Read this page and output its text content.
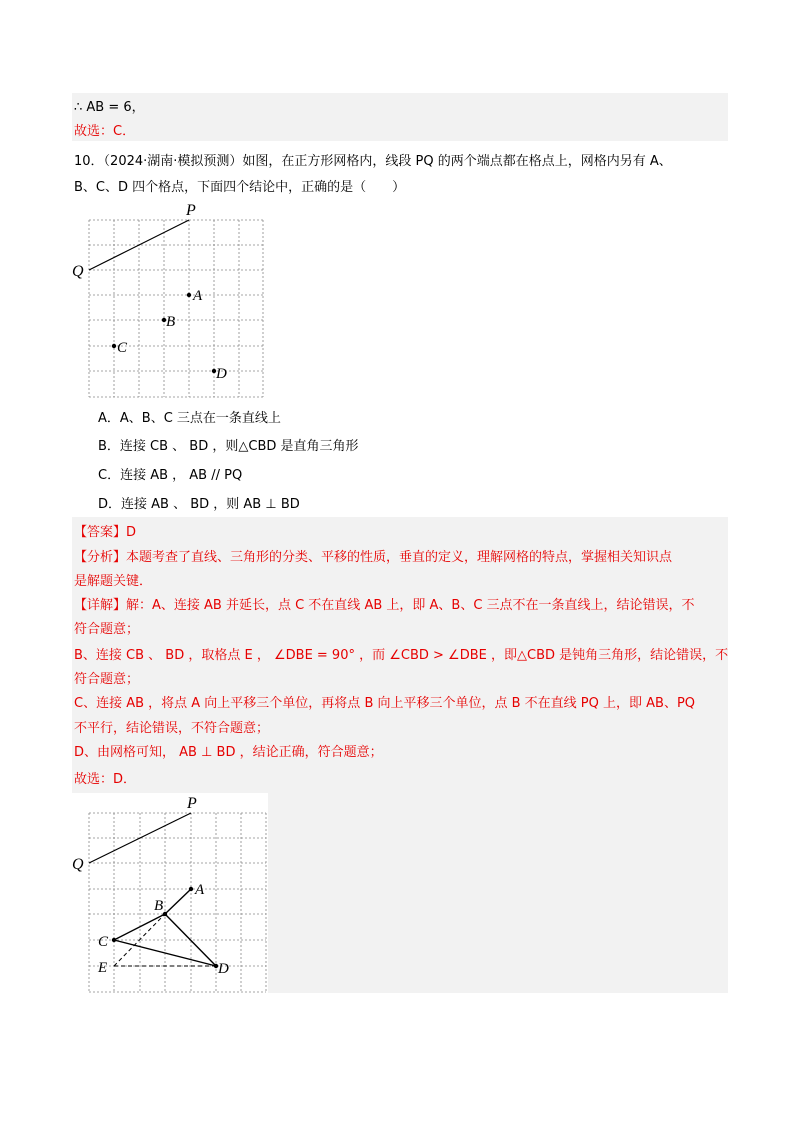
∴ AB = 6，
故选：C．
10．（2024·湖南·模拟预测）如图，在正方形网格内，线段 PQ 的两个端点都在格点上，网格内另有 A、
B、C、D 四个格点，下面四个结论中，正确的是（　　）
P
Q
A
B
C
D
A．A、B、C 三点在一条直线上
B．连接 CB 、 BD ，则△CBD 是直角三角形
C．连接 AB ， AB // PQ
D．连接 AB 、 BD ，则 AB ⊥ BD
【答案】D
【分析】本题考查了直线、三角形的分类、平移的性质，垂直的定义，理解网格的特点，掌握相关知识点
是解题关键．
【详解】解：A、连接 AB 并延长，点 C 不在直线 AB 上，即 A、B、C 三点不在一条直线上，结论错误，不
符合题意；
B、连接 CB 、 BD ，取格点 E ， ∠DBE = 90° ，而 ∠CBD > ∠DBE ，即△CBD 是钝角三角形，结论错误，不
符合题意；
C、连接 AB ，将点 A 向上平移三个单位，再将点 B 向上平移三个单位，点 B 不在直线 PQ 上，即 AB、PQ
不平行，结论错误，不符合题意；
D、由网格可知， AB ⊥ BD ，结论正确，符合题意；
故选：D．
P
Q
A
B
C
E	D
